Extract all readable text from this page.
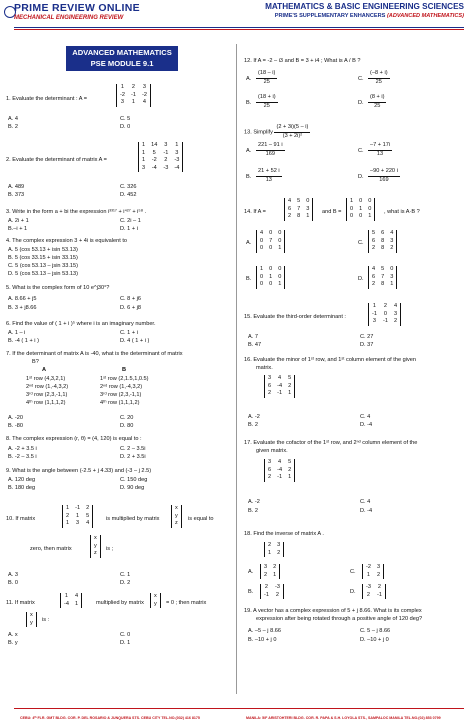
PRIME REVIEW ONLINE
MECHANICAL ENGINEERING REVIEW
MATHEMATICS & BASIC ENGINEERING SCIENCES
PRIME'S SUPPLEMENTARY ENHANCERS (ADVANCED MATHEMATICS)
ADVANCED MATHEMATICS
PSE MODULE 9.1
1. Evaluate the determinant : A =
1	2	3
-2	-1	-2
3	1	4
A. 4
B. 2
C. 5
D. 0
2. Evaluate the determinant of matrix A =
1	14	3	1
1	5	-1	3
1	-2	2	-3
3	-4	-3	-4
A. 489
B. 373
C. 326
D. 452
3. Write in the form a + bi the expression i³³¹⁷ + i⁴²⁷ + i⁵⁸ .
A. 2i + 1
B.–i + 1
C. 2i – 1
D. 1 + i
4. The complex expression 3 + 4i is equivalent to
A. 5 (cos 53.13 + isin 53.13)
B. 5 (cos 33.15 + isin 33.15)
C. 5 (cos 53.13 – jsin 33.15)
D. 5 (cos 53.13 – jsin 53.13)
5. What is the complex form of 10 e^j30°?
A. 8.66 + j5
B. 3 + j8.66
C. 8 + j6
D. 6 + j8
6. Find the value of ( 1 + i )⁵ where i is an imaginary number.
A. 1 – i
B. -4 ( 1 + i )
C. 1 + i
D. 4 ( 1 + i )
7. If the determinant of matrix A is -40, what is the determinant of matrix
B?
A	B
1ˢᵗ row (4,3,2,1)	1ˢᵗ row (2,1.5,1,0.5)
2ⁿᵈ row (1,-4,3,2)	2ⁿᵈ row (1,-4,3,2)
3ʳᵈ row (2,3,-1,1)	3ʳᵈ row (2,3,-1,1)
4ᵗʰ row (1,1,1,2)	4ᵗʰ row (1,1,1,2)
A. -20
B. -80
C. 20
D. 80
8. The complex expression (r, θ) = (4, 120) is equal to :
A. -2 + 3.5 i
B. -2 – 3.5 i
C. 2 – 3.5i
D. 2 + 3.5i
9. What is the angle between (-2.5 + j 4.33) and (-3 – j 2.5)
A. 120 deg
B. 180 deg
C. 150 deg
D. 90 deg
10. If matrix
1	-1	2
2	1	5
1	3	4
is multiplied by matrix
x
y
z
is equal to
zero, then matrix
x
y
z
is ;
A. 3
B. 0
C. 1
D. 2
11. If matrix
1	4
-4	1	multiplied by matrix
x
y = 0 ; then matrix
x
y is :
A. x
B. y
C. 0
D. 1
12. If A = -2 – i3 and B = 3 + i4 ; What is A / B ?
A. $\frac{(18 - i)}{25}$
B. $\frac{(18 + i)}{25}$
C. $\frac{(-8 + i)}{25}$
D. $\frac{(8 + i)}{25}$
13. Simplify $\frac{(2 + 3i)(5 - i)}{\text{(3 + 2i)²}}$
A. $\frac{221 - 91 i}{169}$
B. $\frac{21 + 52 i}{13}$
C. $\frac{-7 + 17i}{13}$
D. $\frac{-90 + 220 i}{169}$
14. If A =
4	5	0
6	7	3
2	8	1
and B =
1	0	0
0	1	0
0	0	1
, what is A·B ?
A.
4	0	0
0	7	0
0	0	1
C.
5	6	4
6	8	3
2	8	2
B.
1	0	0
0	1	0
0	0	1
D.
4	5	0
6	7	3
2	8	1
15. Evaluate the third-order determinant :
1	2	4
-1	0	3
3	-1	2
A. 7
B. 47
C. 27
D. 37
16. Evaluate the minor of 1ˢᵗ row, and 1ˢᵗ column element of the given
matrix.
3	4	5
6	-4	2
2	-1	1
A. -2
B. 2
C. 4
D. -4
17. Evaluate the cofactor of the 1ˢᵗ row, and 2ⁿᵈ column element of the
given matrix.
3	4	5
6	-4	2
2	-1	1
A. -2
B. 2
C. 4
D. -4
18. Find the inverse of matrix A .
2	3
1	2
A.
3	2
2	1
B.
2	-3
-1	2
C.
-2	3
1	2
D.
-3	2
2	-1
19. A vector has a complex expression of 5 + j 8.66. What is its complex
expression after being rotated through a positive angle of 120 deg?
A. –5 – j 8.66
B. –10 + j 0
C. 5 – j 8.66
D. –10 + j 0
CEBU: 4ᵗʰ FLR. GMT BLDG. COR. P. DEL ROSARIO & JUNQUERA STS. CEBU CITY TEL.NO.(032) 416 8175	MANILA: 5/F ARISTOHTERI BLDG. COR. R. PAPA & S.H. LOYOLA STS., SAMPALOC MANILA TEL.NO.(02) 853 0799
